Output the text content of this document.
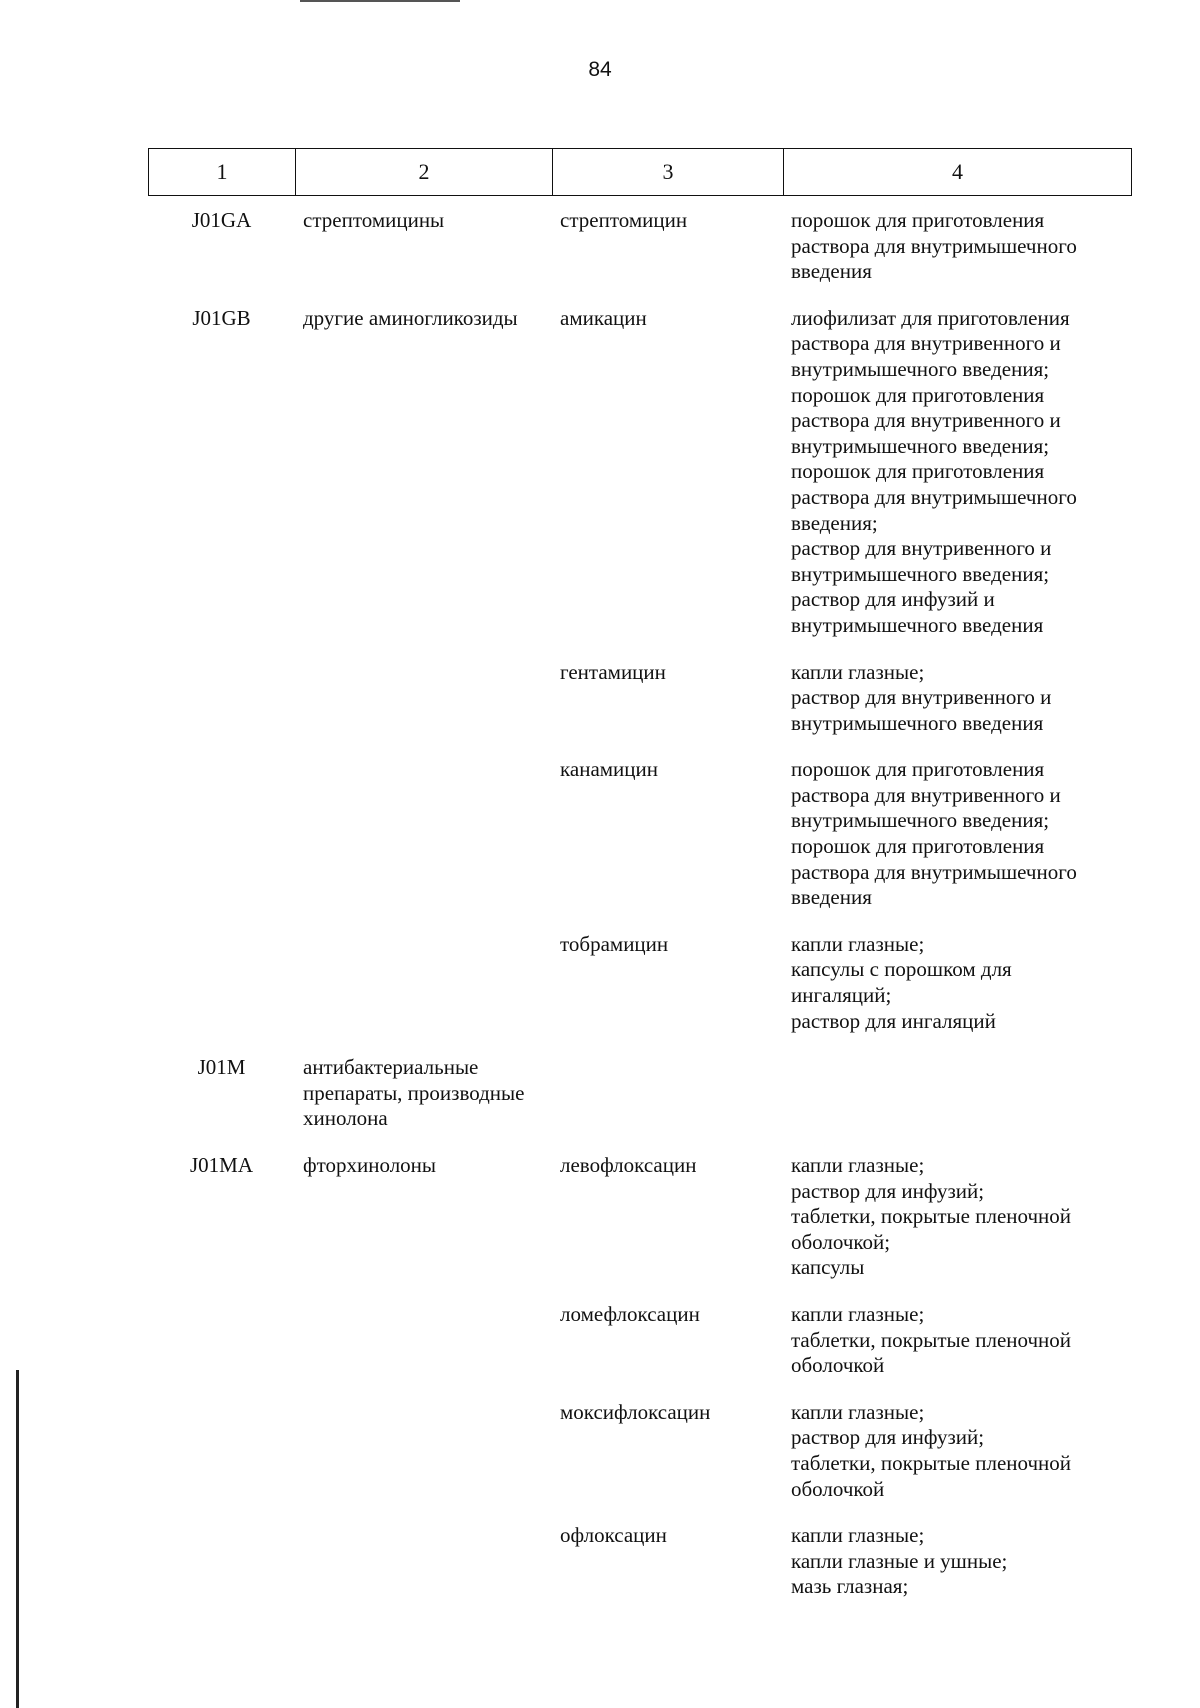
84
1	2	3	4
J01GA	стрептомицины	стрептомицин	порошок для приготовления
раствора для внутримышечного
введения
J01GB	другие аминогликозиды	амикацин	лиофилизат для приготовления
раствора для внутривенного и
внутримышечного введения;
порошок для приготовления
раствора для внутривенного и
внутримышечного введения;
порошок для приготовления
раствора для внутримышечного
введения;
раствор для внутривенного и
внутримышечного введения;
раствор для инфузий и
внутримышечного введения
гентамицин	капли глазные;
раствор для внутривенного и
внутримышечного введения
канамицин	порошок для приготовления
раствора для внутривенного и
внутримышечного введения;
порошок для приготовления
раствора для внутримышечного
введения
тобрамицин	капли глазные;
капсулы с порошком для
ингаляций;
раствор для ингаляций
J01M	антибактериальные
препараты, производные
хинолона
J01MA	фторхинолоны	левофлоксацин	капли глазные;
раствор для инфузий;
таблетки, покрытые пленочной
оболочкой;
капсулы
ломефлоксацин	капли глазные;
таблетки, покрытые пленочной
оболочкой
моксифлоксацин	капли глазные;
раствор для инфузий;
таблетки, покрытые пленочной
оболочкой
офлоксацин	капли глазные;
капли глазные и ушные;
мазь глазная;
